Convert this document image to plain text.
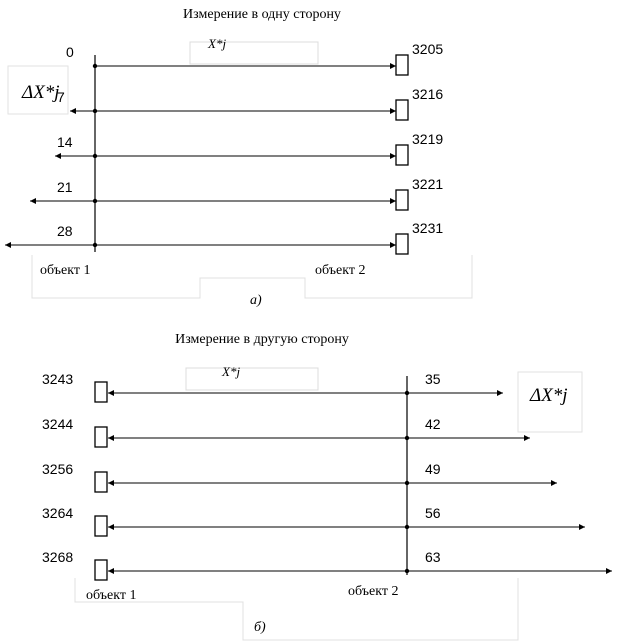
Измерение в одну сторону
X*j
ΔX*j
0	3205
7	3216
14	3219
21	3221
28	3231
объект 1	объект 2
а)
Измерение в другую сторону
X*j
ΔX*j
3243	35
3244	42
3256	49
3264	56
3268	63
объект 1	объект 2
б)
